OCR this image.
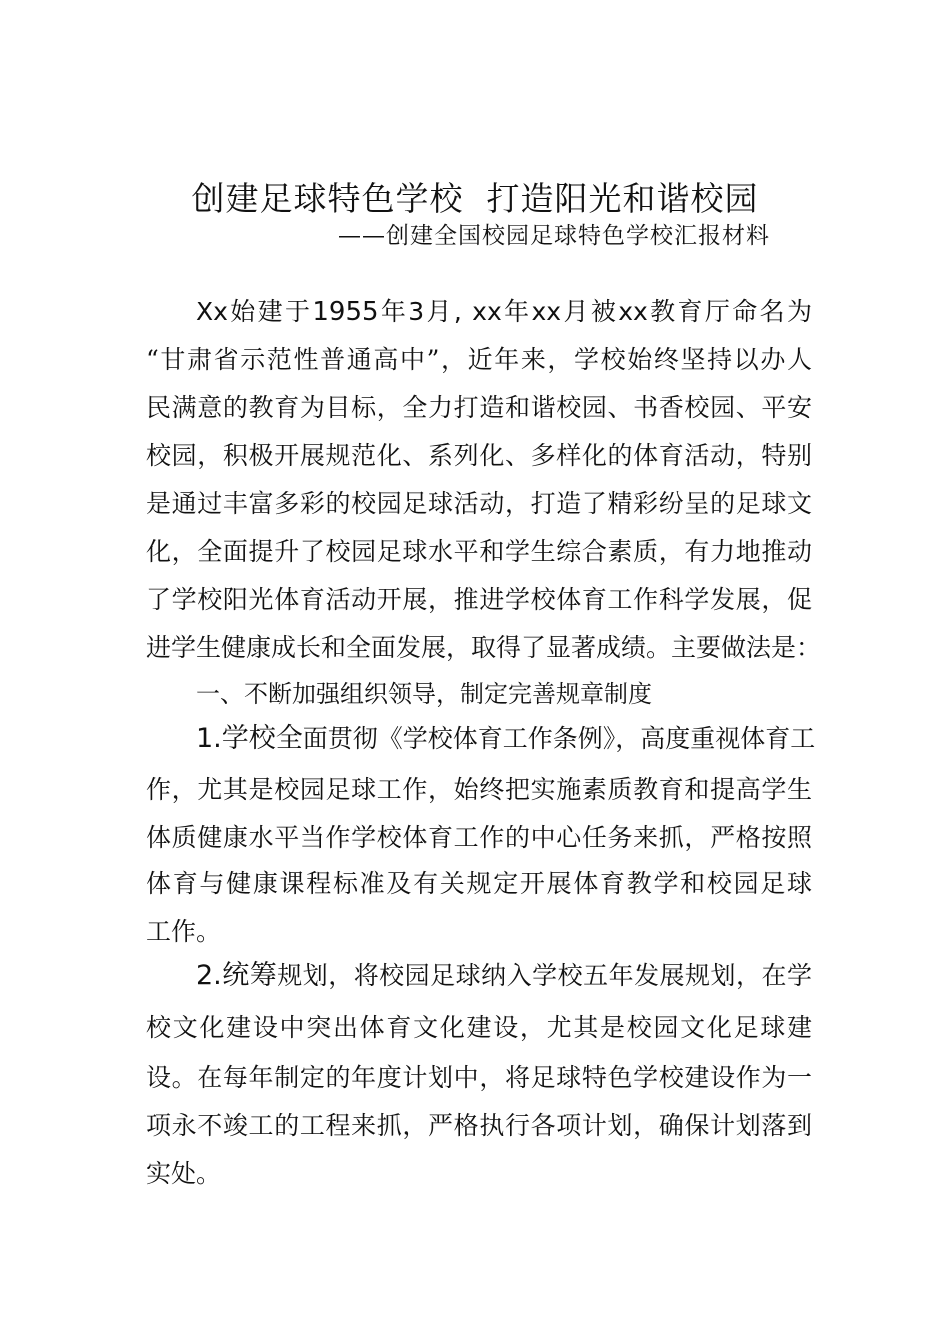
创建足球特色学校  打造阳光和谐校园
——创建全国校园足球特色学校汇报材料
Xx始建于1955年3月, xx年xx月被xx教育厅命名为
“甘肃省示范性普通高中”，近年来，学校始终坚持以办人
民满意的教育为目标，全力打造和谐校园、书香校园、平安
校园，积极开展规范化、系列化、多样化的体育活动，特别
是通过丰富多彩的校园足球活动，打造了精彩纷呈的足球文
化，全面提升了校园足球水平和学生综合素质，有力地推动
了学校阳光体育活动开展，推进学校体育工作科学发展，促
进学生健康成长和全面发展，取得了显著成绩。主要做法是：
一、不断加强组织领导，制定完善规章制度
1.学校全面贯彻《学校体育工作条例》，高度重视体育工
作，尤其是校园足球工作，始终把实施素质教育和提高学生
体质健康水平当作学校体育工作的中心任务来抓，严格按照
体育与健康课程标准及有关规定开展体育教学和校园足球
工作。
2.统筹规划，将校园足球纳入学校五年发展规划，在学
校文化建设中突出体育文化建设，尤其是校园文化足球建
设。在每年制定的年度计划中，将足球特色学校建设作为一
项永不竣工的工程来抓，严格执行各项计划，确保计划落到
实处。
